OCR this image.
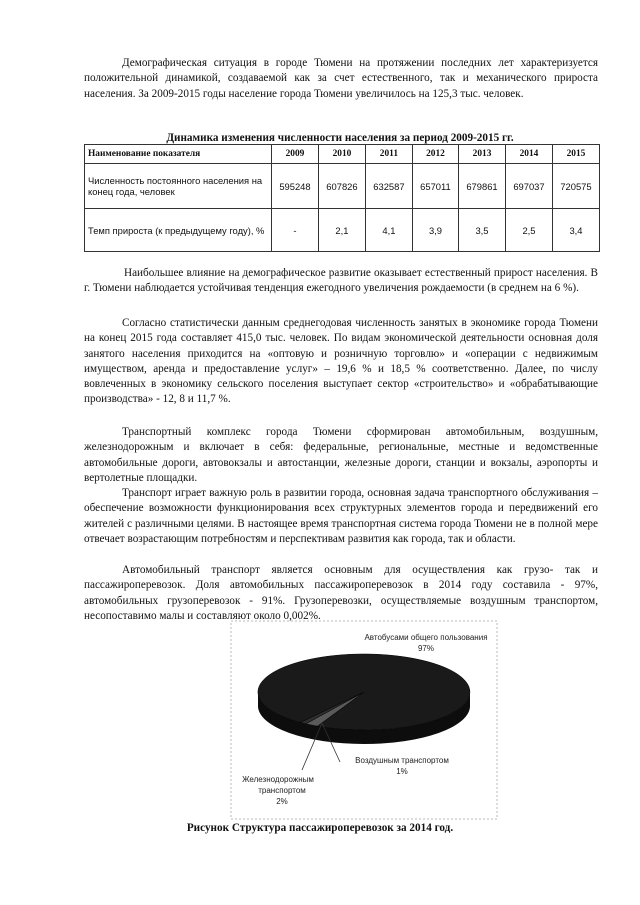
Демографическая ситуация в городе Тюмени на протяжении последних лет характеризуется положительной динамикой, создаваемой как за счет естественного, так и механического прироста населения. За 2009-2015 годы население города Тюмени увеличилось на 125,3 тыс. человек.

Динамика изменения численности населения за период 2009-2015 гг.
Наименование показателя	2009	2010	2011	2012	2013	2014	2015
Численность постоянного населения на конец года, человек	595248	607826	632587	657011	679861	697037	720575
Темп прироста (к предыдущему году), %	-	2,1	4,1	3,9	3,5	2,5	3,4

Наибольшее влияние на демографическое развитие оказывает естественный прирост населения. В г. Тюмени наблюдается устойчивая тенденция ежегодного увеличения рождаемости (в среднем на 6 %).

Согласно статистически данным среднегодовая численность занятых в экономике города Тюмени на конец 2015 года составляет 415,0 тыс. человек. По видам экономической деятельности основная доля занятого населения приходится на «оптовую и розничную торговлю» и «операции с недвижимым имуществом, аренда и предоставление услуг» – 19,6 % и 18,5 % соответственно. Далее, по числу вовлеченных в экономику сельского поселения выступает сектор «строительство» и «обрабатывающие производства» - 12, 8 и 11,7 %.

Транспортный комплекс города Тюмени сформирован автомобильным, воздушным, железнодорожным и включает в себя: федеральные, региональные, местные и ведомственные автомобильные дороги, автовокзалы и автостанции, железные дороги, станции и вокзалы, аэропорты и вертолетные площадки.

Транспорт играет важную роль в развитии города, основная задача транспортного обслуживания – обеспечение возможности функционирования всех структурных элементов города и передвижений его жителей с различными целями. В настоящее время транспортная система города Тюмени не в полной мере отвечает возрастающим потребностям и перспективам развития как города, так и области.

Автомобильный транспорт является основным для осуществления как грузо- так и пассажироперевозок. Доля автомобильных пассажироперевозок в 2014 году составила - 97%, автомобильных грузоперевозок - 91%. Грузоперевозки, осуществляемые воздушным транспортом, несопоставимо малы и составляют около 0,002%.

Автобусами общего пользования
97%
Воздушным транспортом
1%
Железнодорожным
транспортом
2%
Рисунок Структура пассажироперевозок за 2014 год.
